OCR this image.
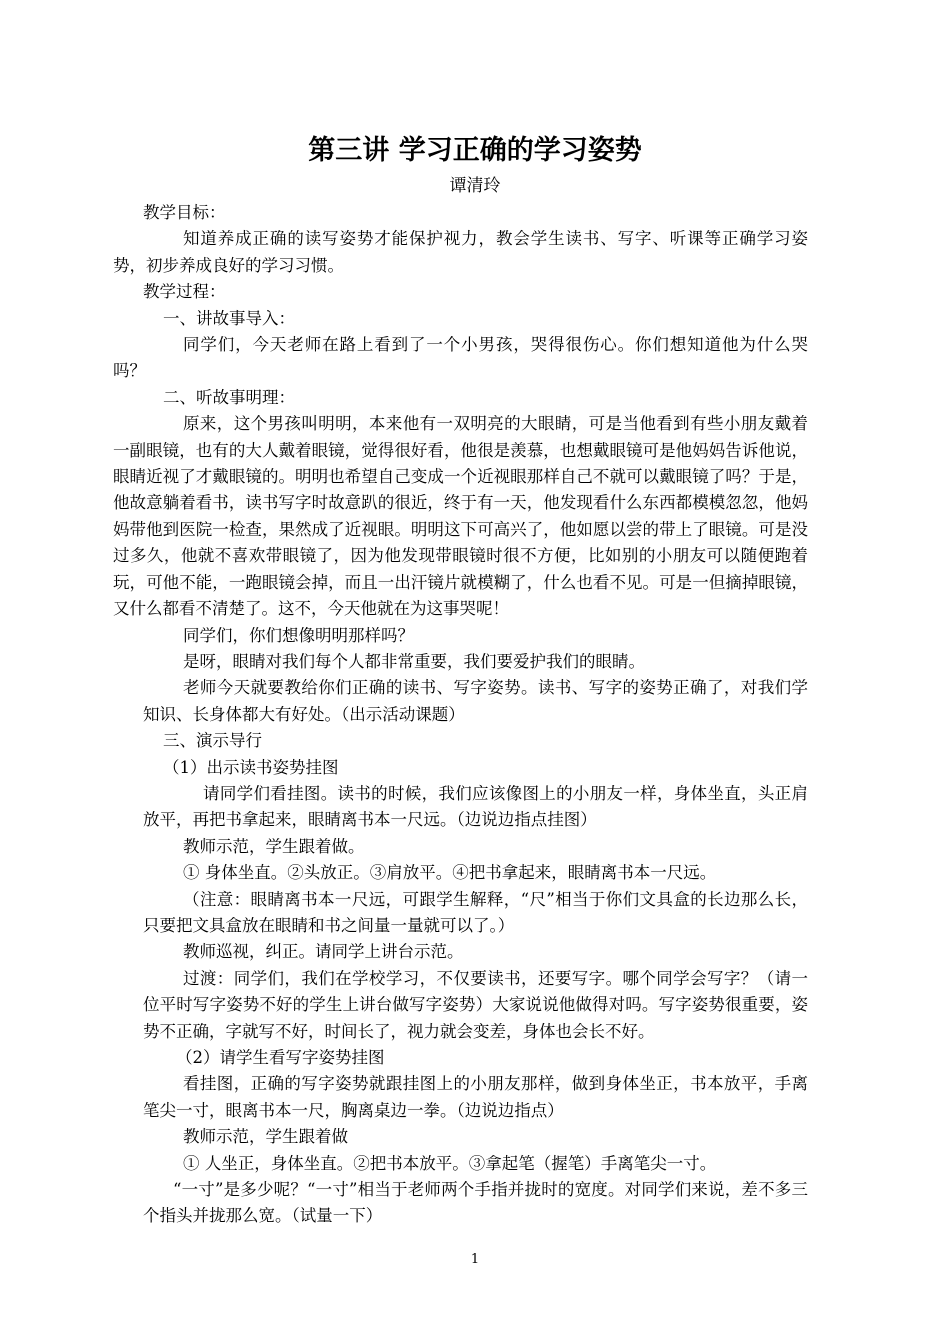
第三讲 学习正确的学习姿势
谭清玲

教学目标：

知道养成正确的读写姿势才能保护视力，教会学生读书、写字、听课等正确学习姿势，初步养成良好的学习习惯。

教学过程：

一、讲故事导入：

同学们，今天老师在路上看到了一个小男孩，哭得很伤心。你们想知道他为什么哭吗？

二、听故事明理：

原来，这个男孩叫明明，本来他有一双明亮的大眼睛，可是当他看到有些小朋友戴着一副眼镜，也有的大人戴着眼镜，觉得很好看，他很是羡慕，也想戴眼镜可是他妈妈告诉他说，眼睛近视了才戴眼镜的。明明也希望自己变成一个近视眼那样自己不就可以戴眼镜了吗？于是，他故意躺着看书，读书写字时故意趴的很近，终于有一天，他发现看什么东西都模模忽忽，他妈妈带他到医院一检查，果然成了近视眼。明明这下可高兴了，他如愿以尝的带上了眼镜。可是没过多久，他就不喜欢带眼镜了，因为他发现带眼镜时很不方便，比如别的小朋友可以随便跑着玩，可他不能，一跑眼镜会掉，而且一出汗镜片就模糊了，什么也看不见。可是一但摘掉眼镜，又什么都看不清楚了。这不，今天他就在为这事哭呢！

同学们，你们想像明明那样吗？

是呀，眼睛对我们每个人都非常重要，我们要爱护我们的眼睛。

老师今天就要教给你们正确的读书、写字姿势。读书、写字的姿势正确了，对我们学知识、长身体都大有好处。（出示活动课题）

三、演示导行

（1）出示读书姿势挂图

请同学们看挂图。读书的时候，我们应该像图上的小朋友一样，身体坐直，头正肩放平，再把书拿起来，眼睛离书本一尺远。（边说边指点挂图）

教师示范，学生跟着做。

① 身体坐直。②头放正。③肩放平。④把书拿起来，眼睛离书本一尺远。

（注意：眼睛离书本一尺远，可跟学生解释，“尺”相当于你们文具盒的长边那么长，只要把文具盒放在眼睛和书之间量一量就可以了。）

教师巡视，纠正。请同学上讲台示范。

过渡：同学们，我们在学校学习，不仅要读书，还要写字。哪个同学会写字？（请一位平时写字姿势不好的学生上讲台做写字姿势）大家说说他做得对吗。写字姿势很重要，姿势不正确，字就写不好，时间长了，视力就会变差，身体也会长不好。

（2）请学生看写字姿势挂图

看挂图，正确的写字姿势就跟挂图上的小朋友那样，做到身体坐正，书本放平，手离笔尖一寸，眼离书本一尺，胸离桌边一拳。（边说边指点）

教师示范，学生跟着做

① 人坐正，身体坐直。②把书本放平。③拿起笔（握笔）手离笔尖一寸。

“一寸”是多少呢？“一寸”相当于老师两个手指并拢时的宽度。对同学们来说，差不多三个指头并拢那么宽。（试量一下）

1
